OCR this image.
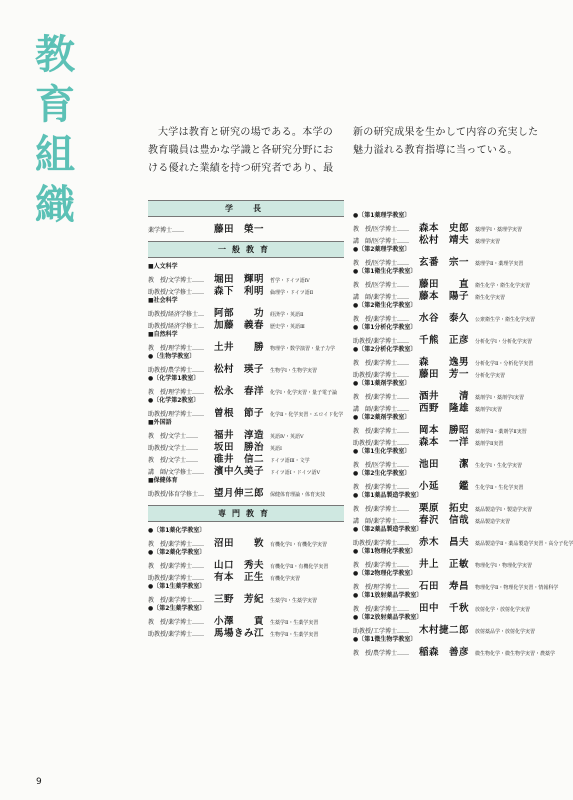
教
育
組
織
大学は教育と研究の場である。本学の教育職員は豊かな学識と各研究分野における優れた業績を持つ研究者であり、最
新の研究成果を生かして内容の充実した魅力溢れる教育指導に当っている。
学　長
薬学博士……	藤田　榮一
一般教育
■人文科学
教　授/文学博士……	堀田　輝明	哲学・ドイツ語Ⅳ
助教授/文学修士……	森下　利明	倫理学・ドイツ語Ⅱ
■社会科学
助教授/経済学修士…	阿部　　功	経済学・英語Ⅱ
助教授/経済学修士…	加藤　義春	歴史学・英語Ⅲ
■自然科学
教　授/理学博士……	土井　　勝	物理学・数学演習・量子力学
●〔生物学教室〕
助教授/農学博士……	松村　瑛子	生物学Ⅰ・生物学実習
●〔化学第1教室〕
教　授/理学博士……	松永　春洋	化学Ⅰ・化学実習・量子電子論
●〔化学第2教室〕
助教授/理学博士……	曽根　節子	化学Ⅱ・化学実習・エロイド化学
■外国語
教　授/文学士……	福井　淳造	英語Ⅳ・英語Ⅴ
助教授/文学士……	坂田　勝治	英語Ⅰ
教　授/文学士……	碓井　信二	ドイツ語Ⅲ・文学
講　師/文学修士……	濱中久美子	ドイツ語Ⅰ・ドイツ語Ⅴ
■保健体育
助教授/体育学修士…	望月伸三郎	保健体育理論・体育実技
専門教育
●〔第1薬化学教室〕
教　授/薬学博士……	沼田　　敦	有機化学Ⅰ・有機化学実習
●〔第2薬化学教室〕
教　授/薬学博士……	山口　秀夫	有機化学Ⅱ・有機化学実習
助教授/薬学博士……	有本　正生	有機化学実習
●〔第1生薬学教室〕
教　授/薬学博士……	三野　芳紀	生薬学Ⅰ・生薬学実習
●〔第2生薬学教室〕
教　授/薬学博士……	小澤　　貢	生薬学Ⅱ・生薬学実習
助教授/薬学博士……	馬場きみ江	生物学Ⅱ・生薬学実習
●〔第1薬理学教室〕
教　授/医学博士……	森本　史郎	薬理学Ⅰ・薬理学実習
講　師/医学博士……	松村　靖夫	薬理学実習
●〔第2薬理学教室〕
教　授/医学博士……	玄番　宗一	薬理学Ⅱ・薬理学実習
●〔第1衛生化学教室〕
教　授/医学博士……	藤田　　直	衛生化学・衛生化学実習
講　師/薬学博士……	藤本　陽子	衛生化学実習
●〔第2衛生化学教室〕
教　授/薬学博士……	水谷　泰久	公衆衛生学・衛生化学実習
●〔第1分析化学教室〕
助教授/薬学博士……	千熊　正彦	分析化学Ⅰ・分析化学実習
●〔第2分析化学教室〕
教　授/薬学博士……	森　　逸男	分析化学Ⅱ・分析化学実習
助教授/薬学博士……	藤田　芳一	分析化学実習
●〔第1薬剤学教室〕
教　授/薬学博士……	酒井　　清	薬剤学Ⅰ・薬剤学Ⅰ実習
講　師/薬学博士……	西野　隆雄	薬剤学Ⅰ実習
●〔第2薬剤学教室〕
教　授/薬学博士……	岡本　勝昭	薬剤学Ⅱ・薬剤学Ⅱ実習
助教授/薬学博士……	森本　一洋	薬剤学Ⅱ実習
●〔第1生化学教室〕
教　授/医学博士……	池田　　潔	生化学Ⅰ・生化学実習
●〔第2生化学教室〕
教　授/薬学博士……	小延　　鑑	生化学Ⅱ・生化学実習
●〔第1薬品製造学教室〕
教　授/薬学博士……	栗原　拓史	薬品製造学Ⅰ・製造学実習
講　師/薬学博士……	春沢　信哉	薬品製造学実習
●〔第2薬品製造学教室〕
助教授/薬学博士……	赤木　昌夫	薬品製造学Ⅱ・薬品製造学実習・高分子化学
●〔第1物理化学教室〕
教　授/薬学博士……	井上　正敏	物理化学Ⅰ・物理化学実習
●〔第2物理化学教室〕
教　授/理学博士……	石田　寿昌	物理化学Ⅱ・物理化学実習・情報科学
●〔第1放射薬品学教室〕
教　授/薬学博士……	田中　千秋	放射化学・放射化学実習
●〔第2放射薬品学教室〕
助教授/工学博士……	木村捷二郎	放射薬品学・放射化学実習
●〔第1微生物学教室〕
教　授/農学博士……	稲森　善彦	微生物化学・微生物学実習・農薬学
9
